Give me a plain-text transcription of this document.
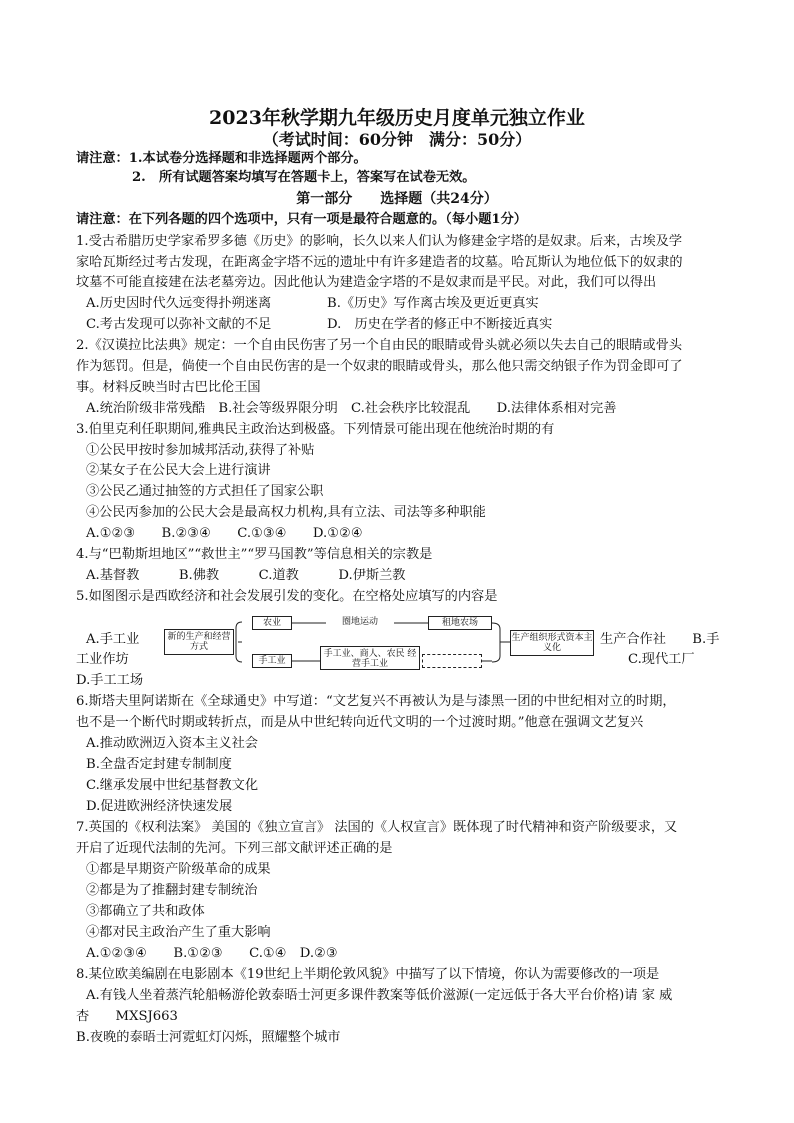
2023年秋学期九年级历史月度单元独立作业
（考试时间：60分钟　满分：50分）
请注意：1.本试卷分选择题和非选择题两个部分。
2.　所有试题答案均填写在答题卡上，答案写在试卷无效。
第一部分　　选择题（共24分）
请注意：在下列各题的四个选项中，只有一项是最符合题意的。（每小题1分）
1.受古希腊历史学家希罗多德《历史》的影响，长久以来人们认为修建金字塔的是奴隶。后来，古埃及学
家哈瓦斯经过考古发现，在距离金字塔不远的遗址中有许多建造者的坟墓。哈瓦斯认为地位低下的奴隶的
坟墓不可能直接建在法老墓旁边。因此他认为建造金字塔的不是奴隶而是平民。对此，我们可以得出
A.历史因时代久远变得扑朔迷离	B.《历史》写作离古埃及更近更真实
C.考古发现可以弥补文献的不足	D.　历史在学者的修正中不断接近真实
2.《汉谟拉比法典》规定：一个自由民伤害了另一个自由民的眼睛或骨头就必须以失去自己的眼睛或骨头
作为惩罚。但是，倘使一个自由民伤害的是一个奴隶的眼睛或骨头，那么他只需交纳银子作为罚金即可了
事。材料反映当时古巴比伦王国
A.统治阶级非常残酷　B.社会等级界限分明　C.社会秩序比较混乱　　D.法律体系相对完善
3.伯里克利任职期间,雅典民主政治达到极盛。下列情景可能出现在他统治时期的有
①公民甲按时参加城邦活动,获得了补贴
②某女子在公民大会上进行演讲
③公民乙通过抽签的方式担任了国家公职
④公民丙参加的公民大会是最高权力机构,具有立法、司法等多种职能
A.①②③　　B.②③④　　C.①③④　　D.①②④
4.与“巴勒斯坦地区”“救世主”“罗马国教”等信息相关的宗教是
A.基督教　　　B.佛教　　　C.道教　　　D.伊斯兰教
5.如图图示是西欧经济和社会发展引发的变化。在空格处应填写的内容是
A.手工业
工业作坊
生产合作社　　B.手
C.现代工厂
D.手工工场
新的生产和经营方式
农业	圈地运动	租地农场
手工业
手工业、商人、农民 经营手工业
生产组织形式资本主义化
6.斯塔夫里阿诺斯在《全球通史》中写道：“文艺复兴不再被认为是与漆黑一团的中世纪相对立的时期，
也不是一个断代时期或转折点，而是从中世纪转向近代文明的一个过渡时期。”他意在强调文艺复兴
A.推动欧洲迈入资本主义社会
B.全盘否定封建专制制度
C.继承发展中世纪基督教文化
D.促进欧洲经济快速发展
7.英国的《权利法案》 美国的《独立宣言》 法国的《人权宣言》既体现了时代精神和资产阶级要求，又
开启了近现代法制的先河。下列三部文献评述正确的是
①都是早期资产阶级革命的成果
②都是为了推翻封建专制统治
③都确立了共和政体
④都对民主政治产生了重大影响
A.①②③④　　B.①②③　　C.①④　D.②③
8.某位欧美编剧在电影剧本《19世纪上半期伦敦风貌》中描写了以下情境，你认为需要修改的一项是
A.有钱人坐着蒸汽轮船畅游伦敦泰晤士河更多课件教案等低价滋源(一定远低于各大平台价格)请 家 威
杏　　MXSJ663
B.夜晚的泰晤士河霓虹灯闪烁，照耀整个城市
